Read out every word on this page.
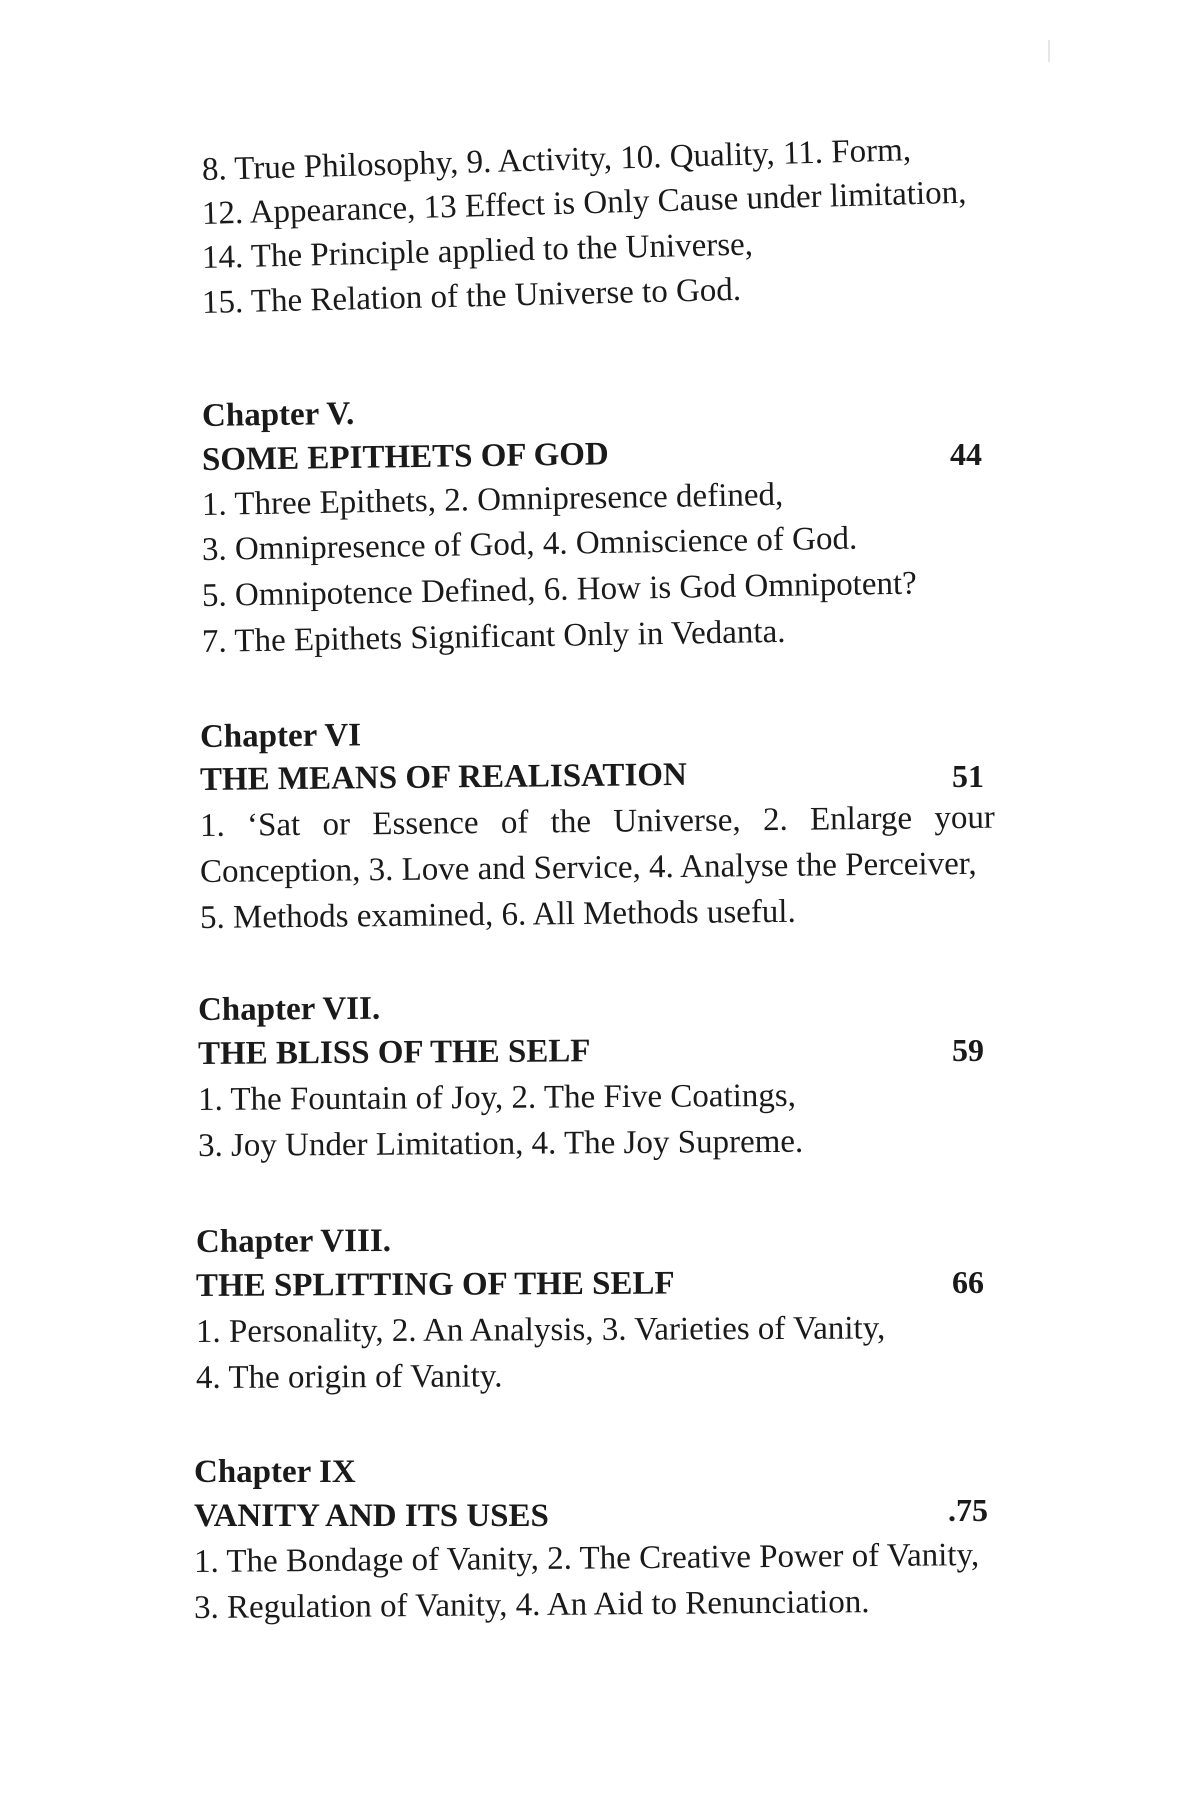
8. True Philosophy, 9. Activity, 10. Quality, 11. Form,
12. Appearance, 13 Effect is Only Cause under limitation,
14. The Principle applied to the Universe,
15. The Relation of the Universe to God.
Chapter V.
SOME EPITHETS OF GOD	44
1. Three Epithets, 2. Omnipresence defined,
3. Omnipresence of God, 4. Omniscience of God.
5. Omnipotence Defined, 6. How is God Omnipotent?
7. The Epithets Significant Only in Vedanta.
Chapter VI
THE MEANS OF REALISATION	51
1. ‘Sat or Essence of the Universe, 2. Enlarge your
Conception, 3. Love and Service, 4. Analyse the Perceiver,
5. Methods examined, 6. All Methods useful.
Chapter VII.
THE BLISS OF THE SELF	59
1. The Fountain of Joy, 2. The Five Coatings,
3. Joy Under Limitation, 4. The Joy Supreme.
Chapter VIII.
THE SPLITTING OF THE SELF	66
1. Personality, 2. An Analysis, 3. Varieties of Vanity,
4. The origin of Vanity.
Chapter IX
VANITY AND ITS USES	.75
1. The Bondage of Vanity, 2. The Creative Power of Vanity,
3. Regulation of Vanity, 4. An Aid to Renunciation.
